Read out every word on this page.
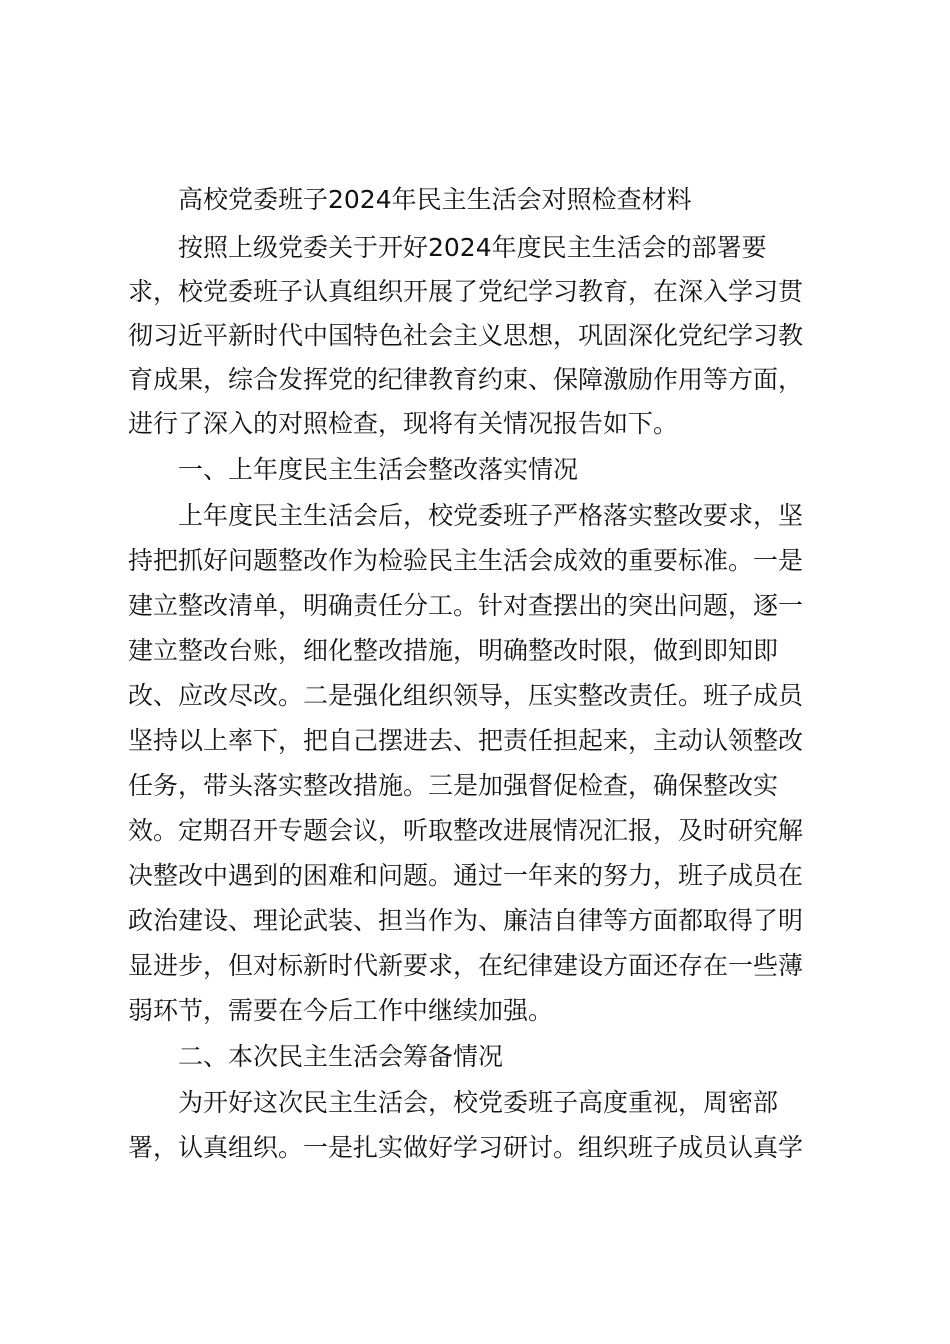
高校党委班子2024年民主生活会对照检查材料

按照上级党委关于开好2024年度民主生活会的部署要

求，校党委班子认真组织开展了党纪学习教育，在深入学习贯

彻习近平新时代中国特色社会主义思想，巩固深化党纪学习教

育成果，综合发挥党的纪律教育约束、保障激励作用等方面，

进行了深入的对照检查，现将有关情况报告如下。

一、上年度民主生活会整改落实情况

上年度民主生活会后，校党委班子严格落实整改要求，坚

持把抓好问题整改作为检验民主生活会成效的重要标准。一是

建立整改清单，明确责任分工。针对查摆出的突出问题，逐一

建立整改台账，细化整改措施，明确整改时限，做到即知即

改、应改尽改。二是强化组织领导，压实整改责任。班子成员

坚持以上率下，把自己摆进去、把责任担起来，主动认领整改

任务，带头落实整改措施。三是加强督促检查，确保整改实

效。定期召开专题会议，听取整改进展情况汇报，及时研究解

决整改中遇到的困难和问题。通过一年来的努力，班子成员在

政治建设、理论武装、担当作为、廉洁自律等方面都取得了明

显进步，但对标新时代新要求，在纪律建设方面还存在一些薄

弱环节，需要在今后工作中继续加强。

二、本次民主生活会筹备情况

为开好这次民主生活会，校党委班子高度重视，周密部

署，认真组织。一是扎实做好学习研讨。组织班子成员认真学
